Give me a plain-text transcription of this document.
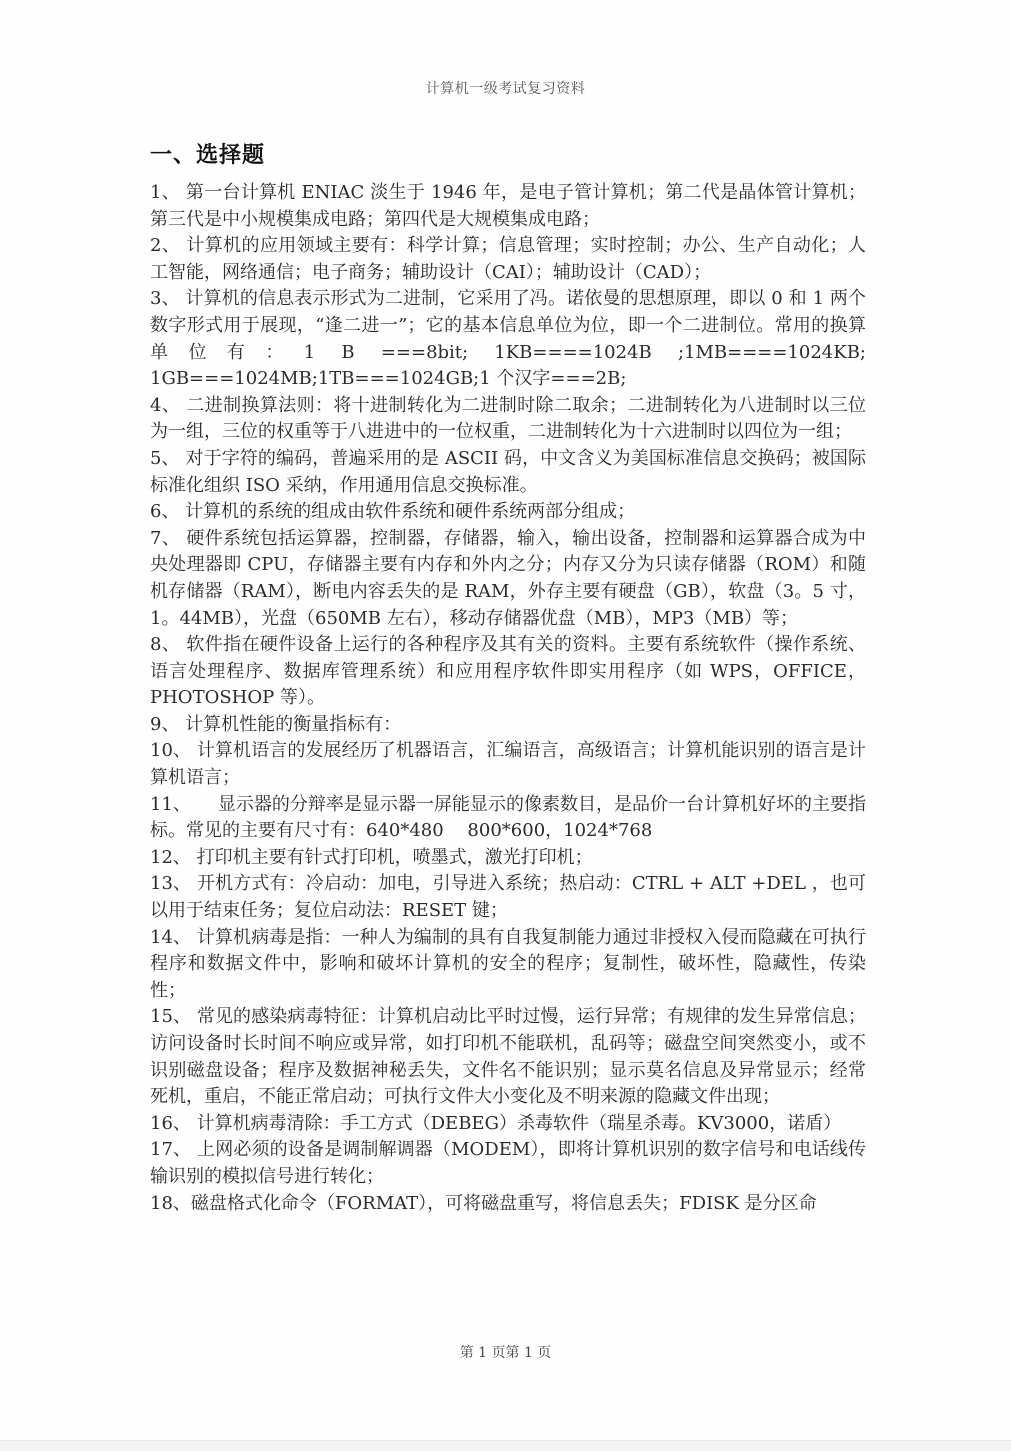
计算机一级考试复习资料
一、选择题

1、 第一台计算机 ENIAC 淡生于 1946 年，是电子管计算机；第二代是晶体管计算机；第三代是中小规模集成电路；第四代是大规模集成电路；

2、 计算机的应用领域主要有：科学计算；信息管理；实时控制；办公、生产自动化；人工智能，网络通信；电子商务；辅助设计（CAI）；辅助设计（CAD）；

3、 计算机的信息表示形式为二进制，它采用了冯。诺依曼的思想原理，即以 0 和 1 两个数字形式用于展现，“逢二进一”；它的基本信息单位为位，即一个二进制位。常用的换算单位有：1 B ===8bit; 1KB====1024B ;1MB====1024KB; 1GB===1024MB;1TB===1024GB;1 个汉字===2B;

4、 二进制换算法则：将十进制转化为二进制时除二取余；二进制转化为八进制时以三位为一组，三位的权重等于八进进中的一位权重，二进制转化为十六进制时以四位为一组；

5、 对于字符的编码，普遍采用的是 ASCII 码，中文含义为美国标准信息交换码；被国际标准化组织 ISO 采纳，作用通用信息交换标准。

6、 计算机的系统的组成由软件系统和硬件系统两部分组成；

7、 硬件系统包括运算器，控制器，存储器，输入，输出设备，控制器和运算器合成为中央处理器即 CPU，存储器主要有内存和外内之分；内存又分为只读存储器（ROM）和随机存储器（RAM），断电内容丢失的是 RAM，外存主要有硬盘（GB），软盘（3。5 寸，1。44MB），光盘（650MB 左右），移动存储器优盘（MB），MP3（MB）等；

8、 软件指在硬件设备上运行的各种程序及其有关的资料。主要有系统软件（操作系统、语言处理程序、数据库管理系统）和应用程序软件即实用程序（如 WPS，OFFICE，PHOTOSHOP 等）。

9、 计算机性能的衡量指标有：

10、 计算机语言的发展经历了机器语言，汇编语言，高级语言；计算机能识别的语言是计算机语言；

11、　　显示器的分辩率是显示器一屏能显示的像素数目，是品价一台计算机好坏的主要指标。常见的主要有尺寸有：640*480　 800*600，1024*768

12、 打印机主要有针式打印机，喷墨式，激光打印机；

13、 开机方式有：冷启动：加电，引导进入系统；热启动：CTRL + ALT +DEL ，也可以用于结束任务；复位启动法：RESET 键；

14、 计算机病毒是指：一种人为编制的具有自我复制能力通过非授权入侵而隐藏在可执行程序和数据文件中，影响和破坏计算机的安全的程序；复制性，破坏性，隐藏性，传染性；

15、 常见的感染病毒特征：计算机启动比平时过慢，运行异常；有规律的发生异常信息；访问设备时长时间不响应或异常，如打印机不能联机，乱码等；磁盘空间突然变小，或不识别磁盘设备；程序及数据神秘丢失，文件名不能识别；显示莫名信息及异常显示；经常死机，重启，不能正常启动；可执行文件大小变化及不明来源的隐藏文件出现；

16、 计算机病毒清除：手工方式（DEBEG）杀毒软件（瑞星杀毒。KV3000，诺盾）

17、 上网必须的设备是调制解调器（MODEM），即将计算机识别的数字信号和电话线传输识别的模拟信号进行转化；

18、磁盘格式化命令（FORMAT），可将磁盘重写，将信息丢失；FDISK 是分区命

第 1 页第 1 页
